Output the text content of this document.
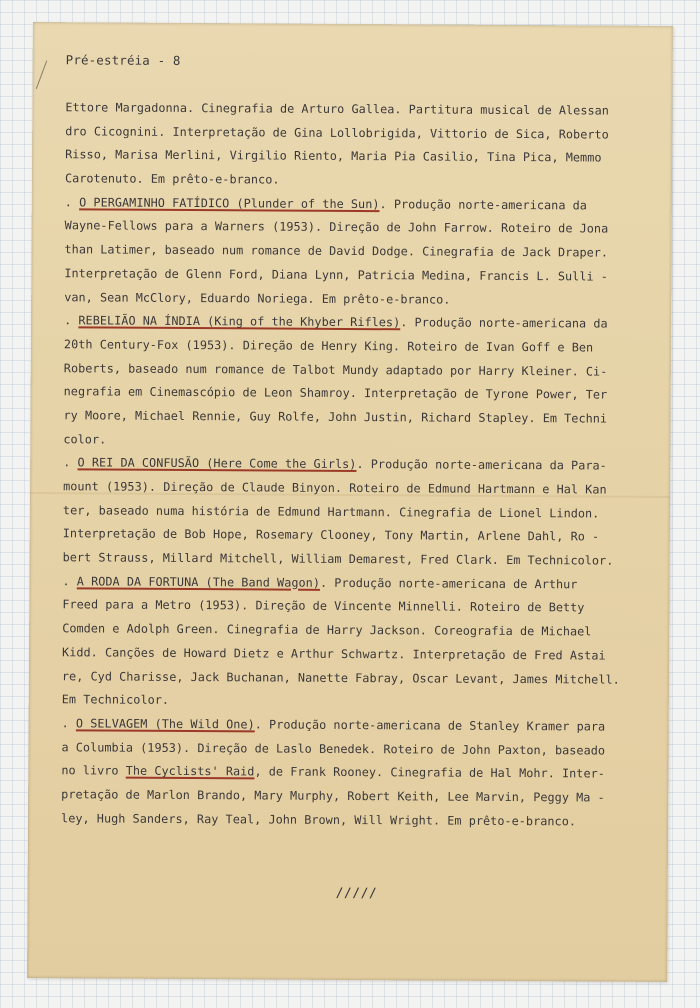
Pré-estréia - 8
Ettore Margadonna. Cinegrafia de Arturo Gallea. Partitura musical de Alessan
dro Cicognini. Interpretação de Gina Lollobrigida, Vittorio de Sica, Roberto
Risso, Marisa Merlini, Virgilio Riento, Maria Pia Casilio, Tina Pica, Memmo
Carotenuto. Em prêto-e-branco.
. O PERGAMINHO FATÍDICO (Plunder of the Sun). Produção norte-americana da
Wayne-Fellows para a Warners (1953). Direção de John Farrow. Roteiro de Jona
than Latimer, baseado num romance de David Dodge. Cinegrafia de Jack Draper.
Interpretação de Glenn Ford, Diana Lynn, Patricia Medina, Francis L. Sulli -
van, Sean McClory, Eduardo Noriega. Em prêto-e-branco.
. REBELIÃO NA ÍNDIA (King of the Khyber Rifles). Produção norte-americana da
20th Century-Fox (1953). Direção de Henry King. Roteiro de Ivan Goff e Ben
Roberts, baseado num romance de Talbot Mundy adaptado por Harry Kleiner. Ci-
negrafia em Cinemascópio de Leon Shamroy. Interpretação de Tyrone Power, Ter
ry Moore, Michael Rennie, Guy Rolfe, John Justin, Richard Stapley. Em Techni
color.
. O REI DA CONFUSÃO (Here Come the Girls). Produção norte-americana da Para-
mount (1953). Direção de Claude Binyon. Roteiro de Edmund Hartmann e Hal Kan
ter, baseado numa história de Edmund Hartmann. Cinegrafia de Lionel Lindon.
Interpretação de Bob Hope, Rosemary Clooney, Tony Martin, Arlene Dahl, Ro -
bert Strauss, Millard Mitchell, William Demarest, Fred Clark. Em Technicolor.
. A RODA DA FORTUNA (The Band Wagon). Produção norte-americana de Arthur
Freed para a Metro (1953). Direção de Vincente Minnelli. Roteiro de Betty
Comden e Adolph Green. Cinegrafia de Harry Jackson. Coreografia de Michael
Kidd. Canções de Howard Dietz e Arthur Schwartz. Interpretação de Fred Astai
re, Cyd Charisse, Jack Buchanan, Nanette Fabray, Oscar Levant, James Mitchell.
Em Technicolor.
. O SELVAGEM (The Wild One). Produção norte-americana de Stanley Kramer para
a Columbia (1953). Direção de Laslo Benedek. Roteiro de John Paxton, baseado
no livro The Cyclists' Raid, de Frank Rooney. Cinegrafia de Hal Mohr. Inter-
pretação de Marlon Brando, Mary Murphy, Robert Keith, Lee Marvin, Peggy Ma -
ley, Hugh Sanders, Ray Teal, John Brown, Will Wright. Em prêto-e-branco.
/////
